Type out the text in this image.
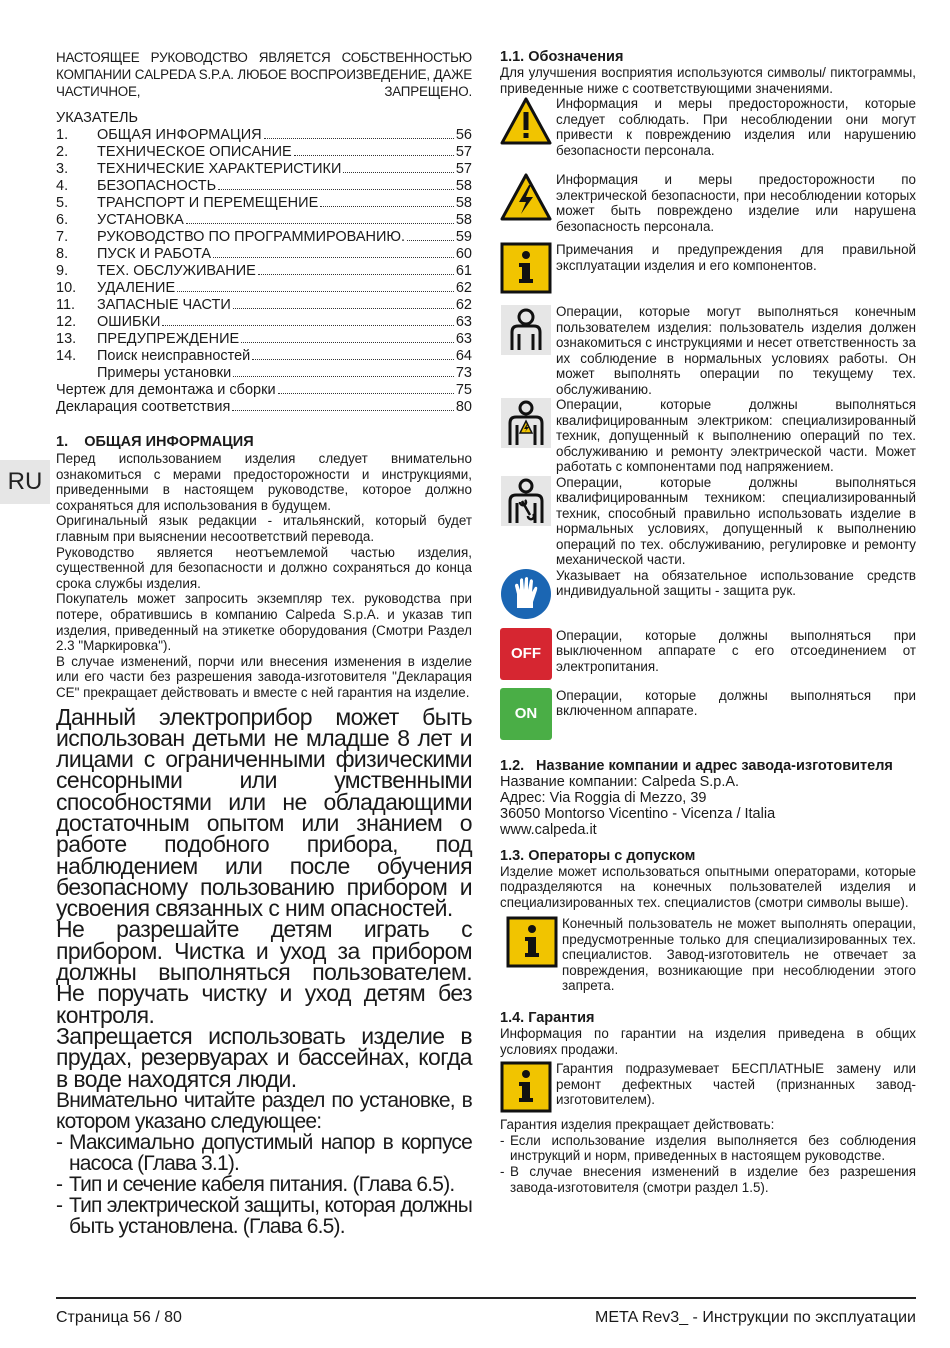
RU

НАСТОЯЩЕЕ РУКОВОДСТВО ЯВЛЯЕТСЯ СОБСТВЕННОСТЬЮ КОМПАНИИ CALPEDA S.P.A. ЛЮБОЕ ВОСПРОИЗВЕДЕНИЕ, ДАЖЕ ЧАСТИЧНОЕ, ЗАПРЕЩЕНО.

УКАЗАТЕЛЬ
1.	ОБЩАЯ ИНФОРМАЦИЯ	56
2.	ТЕХНИЧЕСКОЕ ОПИСАНИЕ	57
3.	ТЕХНИЧЕСКИЕ ХАРАКТЕРИСТИКИ	57
4.	БЕЗОПАСНОСТЬ	58
5.	ТРАНСПОРТ И ПЕРЕМЕЩЕНИЕ	58
6.	УСТАНОВКА	58
7.	РУКОВОДСТВО ПО ПРОГРАММИРОВАНИЮ.	59
8.	ПУСК И РАБОТА	60
9.	ТЕХ. ОБСЛУЖИВАНИЕ	61
10.	УДАЛЕНИЕ	62
11.	ЗАПАСНЫЕ ЧАСТИ	62
12.	ОШИБКИ	63
13.	ПРЕДУПРЕЖДЕНИЕ	63
14.	Поиск неисправностей	64
Примеры установки	73
Чертеж для демонтажа и сборки	75
Декларация соответствия	80
1.    ОБЩАЯ ИНФОРМАЦИЯ

Перед использованием изделия следует внимательно ознакомиться с мерами предосторожности и инструкциями, приведенными в настоящем руководстве, которое должно сохраняться для использования в будущем.

Оригинальный язык редакции - итальянский, который будет главным при выяснении несоответствий перевода.

Руководство является неотъемлемой частью изделия, существенной для безопасности и должно сохраняться до конца срока службы изделия.

Покупатель может запросить экземпляр тех. руководства при потере, обратившись в компанию Calpeda S.p.A. и указав тип изделия, приведенный на этикетке оборудования (Смотри Раздел 2.3 "Маркировка").

В случае изменений, порчи или внесения изменения в изделие или его части без разрешения завода-изготовителя "Декларация CE" прекращает действовать и вместе с ней гарантия на изделие.

Данный электроприбор может быть использован детьми не младше 8 лет и лицами с ограниченными физическими сенсорными или умственными способностями или не обладающими достаточным опытом или знанием о работе подобного прибора, под наблюдением или после обучения безопасному пользованию прибором и усвоения связанных с ним опасностей.

Не разрешайте детям играть с прибором. Чистка и уход за прибором должны выполняться пользователем. Не поручать чистку и уход детям без контроля.

Запрещается использовать изделие в прудах, резервуарах и бассейнах, когда в воде находятся люди.

Внимательно читайте раздел по установке, в котором указано следующее:

- Максимально допустимый напор в корпусе насоса (Глава 3.1).
- Тип и сечение кабеля питания. (Глава 6.5).
- Тип электрической защиты, которая должны быть установлена. (Глава 6.5).
1.1. Обозначения

Для улучшения восприятия используются символы/ пиктограммы, приведенные ниже с соответствующими значениями.

Информация и меры предосторожности, которые следует соблюдать. При несоблюдении они могут привести к повреждению изделия или нарушению безопасности персонала.
Информация и меры предосторожности по электрической безопасности, при несоблюдении которых может быть повреждено изделие или нарушена безопасность персонала.
Примечания и предупреждения для правильной эксплуатации изделия и его компонентов.
Операции, которые могут выполняться конечным пользователем изделия: пользователь изделия должен ознакомиться с инструкциями и несет ответственность за их соблюдение в нормальных условиях работы. Он может выполнять операции по текущему тех. обслуживанию.
Операции, которые должны выполняться квалифицированным электриком: специализированный техник, допущенный к выполнению операций по тех. обслуживанию и ремонту электрической части. Может работать с компонентами под напряжением.
Операции, которые должны выполняться квалифицированным техником: специализированный техник, способный правильно использовать изделие в нормальных условиях, допущенный к выполнению операций по тех. обслуживанию, регулировке и ремонту механической части.
Указывает на обязательное использование средств индивидуальной защиты - защита рук.
OFF
Операции, которые должны выполняться при выключенном аппарате с его отсоединением от электропитания.
ON
Операции, которые должны выполняться при включенном аппарате.
1.2. Название компании и адрес завода-изготовителя
Название компании: Calpeda S.p.A.
Адрес: Via Roggia di Mezzo, 39
36050 Montorso Vicentino - Vicenza / Italia
www.calpeda.it
1.3. Операторы с допуском

Изделие может использоваться опытными операторами, которые подразделяются на конечных пользователей изделия и специализированных тех. специалистов (смотри символы выше).

Конечный пользователь не может выполнять операции, предусмотренные только для специализированных тех. специалистов. Завод-изготовитель не отвечает за повреждения, возникающие при несоблюдении этого запрета.
1.4. Гарантия

Информация по гарантии на изделия приведена в общих условиях продажи.

Гарантия подразумевает БЕСПЛАТНЫЕ замену или ремонт дефектных частей (признанных завод-изготовителем).

Гарантия изделия прекращает действовать:

- Если использование изделия выполняется без соблюдения инструкций и норм, приведенных в настоящем руководстве.
- В случае внесения изменений в изделие без разрешения завода-изготовителя (смотри раздел 1.5).
Страница 56 / 80	META Rev3_ - Инструкции по эксплуатации
